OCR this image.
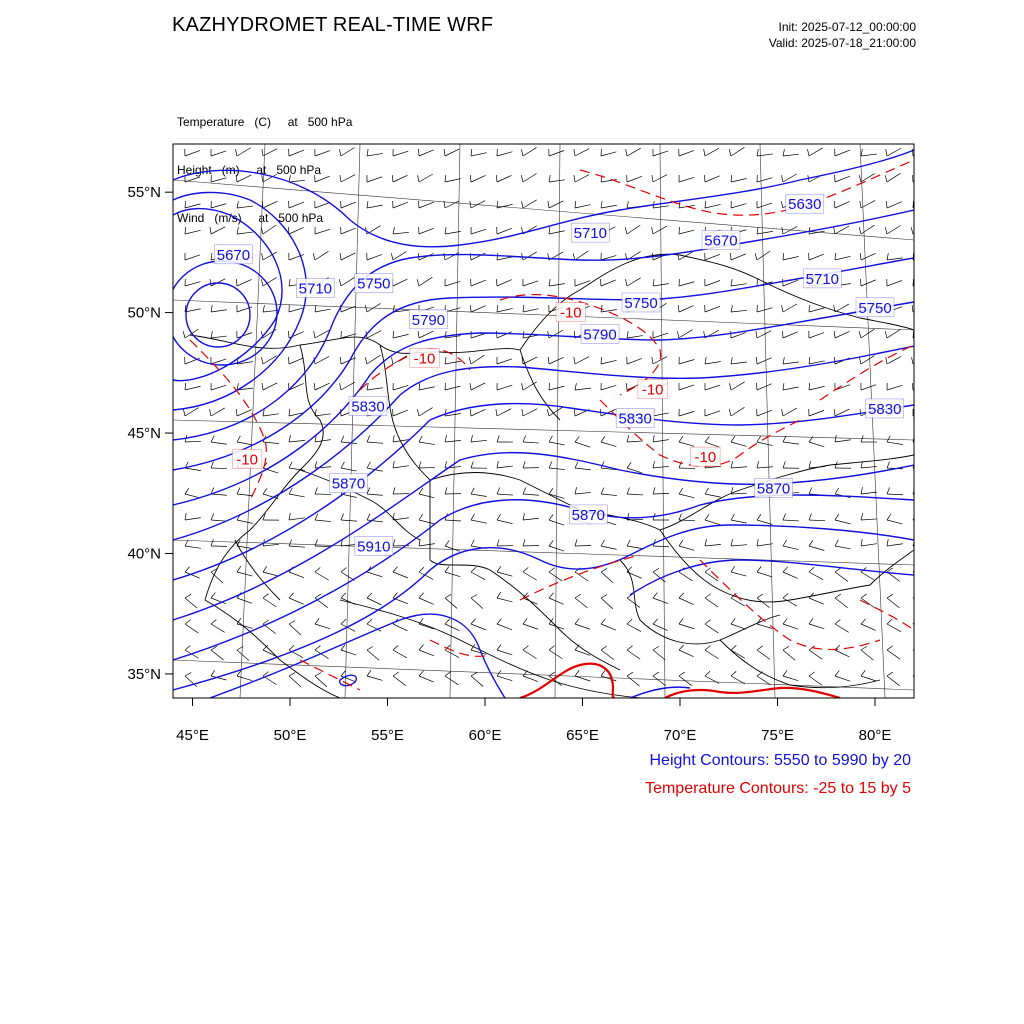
KAZHYDROMET REAL-TIME WRF	Init: 2025-07-12_00:00:00
Valid: 2025-07-18_21:00:00

Temperature   (C)     at   500 hPa

Height   (m)     at   500 hPa

Wind   (m/s)     at   500 hPa

5670
5710
5630
5670
5710 5750	5710
5790
5750	5750
5790
5830
5830
5830
5870	5870
5870
5910
-10
-10
-10
-10	-10
55°N
50°N
45°N
40°N
35°N
45°E	50°E	55°E	60°E	65°E	70°E	75°E	80°E
Height Contours: 5550 to 5990 by 20
Temperature Contours: -25 to 15 by 5
